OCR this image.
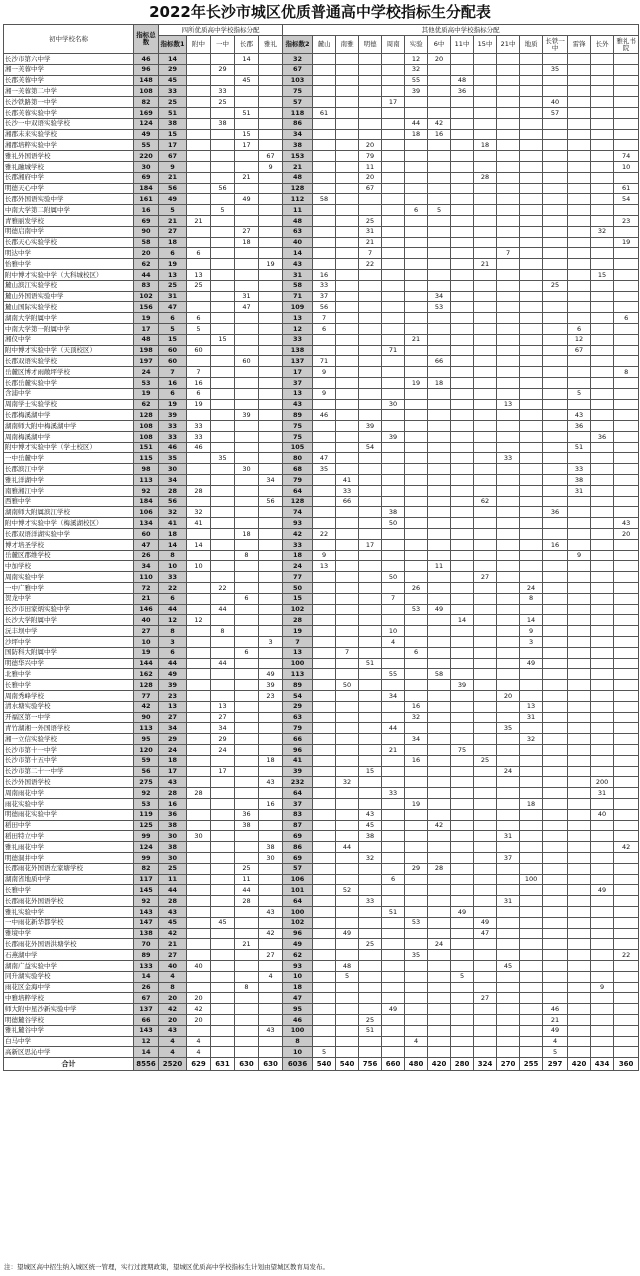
2022年长沙市城区优质普通高中学校指标生分配表
初中学校名称	指标总数	四所优质高中学校指标分配					其他优质高中学校指标分配														
		指标数1	附中	一中	长郡	雅礼	指标数2	麓山	南雅	明德	周南	实验	6中	11中	15中	21中	地质	长铁一中	雷锋	长外	雅礼书院
长沙市第六中学	46	14			14		32					12	20								
湘一芙蓉中学	96	29		29			67					32						35			
长郡芙蓉中学	148	45			45		103					55		48							
湘一芙蓉第二中学	108	33		33			75					39		36							
长沙铁路第一中学	82	25		25			57				17							40			
长郡芙蓉实验中学	169	51			51		118	61										57			
长沙一中双语实验学校	124	38		38			86					44	42								
湘郡未来实验学校	49	15			15		34					18	16								
湘郡培粹实验中学	55	17			17		38			20					18						
雅礼外国语学校	220	67				67	153			79											74
雅礼融城学校	30	9				9	21			11											10
长郡湘府中学	69	21			21		48			20					28						
明德天心中学	184	56		56			128			67											61
长郡外国语实验中学	161	49			49		112	58													54
中南大学第二附属中学	16	5		5			11					6	5								
青雅丽发学校	69	21	21				48			25											23
明德启南中学	90	27			27		63			31										32	
长郡天心实验学校	58	18			18		40			21											19
明达中学	20	6	6				14			7						7					
怡雅中学	62	19				19	43			22					21						
附中博才实验中学（大科城校区）	44	13	13				31	16												15	
麓山滨江实验学校	83	25	25				58	33										25			
麓山外国语实验中学	102	31			31		71	37					34								
麓山国际实验学校	156	47			47		109	56					53								
湖南大学附属中学	19	6	6				13	7													6
中南大学第一附属中学	17	5	5				12	6											6		
湘仪中学	48	15		15			33					21							12		
附中博才实验中学（天顶校区）	198	60	60				138				71								67		
长郡双语实验学校	197	60			60		137	71					66								
岳麓区博才雨敞坪学校	24	7	7				17	9													8
长郡岳麓实验中学	53	16	16				37					19	18								
含浦中学	19	6	6				13	9											5		
周南学士实验学校	62	19	19				43				30					13					
长郡梅溪湖中学	128	39			39		89	46											43		
湖南师大附中梅溪湖中学	108	33	33				75			39									36		
周南梅溪湖中学	108	33	33				75				39									36	
附中博才实验中学（学士校区）	151	46	46				105			54									51		
一中岳麓中学	115	35		35			80	47								33					
长郡滨江中学	98	30			30		68	35											33		
雅礼洋湖中学	113	34				34	79		41										38		
南雅湘江中学	92	28	28				64		33										31		
西雅中学	184	56				56	128		66						62						
湖南师大附属滨江学校	106	32	32				74				38							36			
附中博才实验中学（梅溪湖校区）	134	41	41				93				50										43
长郡双语洋湖实验中学	60	18			18		42	22													20
博才培圣学校	47	14	14				33			17								16			
岳麓区郡维学校	26	8			8		18	9											9		
中加学校	34	10	10				24	13					11								
周南实验中学	110	33					77				50				27						
一中广雅中学	72	22		22			50					26					24				
贺龙中学	21	6			6		15				7						8				
长沙市田家炳实验中学	146	44		44			102					53	49								
长沙大学附属中学	40	12	12				28							14			14				
沅丰坝中学	27	8		8			19				10						9				
沙坪中学	10	3				3	7				4						3				
国防科大附属中学	19	6			6		13		7			6									
明德华兴中学	144	44		44			100			51							49				
北雅中学	162	49				49	113				55		58								
长雅中学	128	39				39	89		50					39							
周南秀峰学校	77	23				23	54				34					20					
清水塘实验学校	42	13		13			29					16					13				
开福区第一中学	90	27		27			63					32					31				
青竹湖湘一外国语学校	113	34		34			79				44					35					
湘一立信实验学校	95	29		29			66					34					32				
长沙市第十一中学	120	24		24			96				21			75							
长沙市第十五中学	59	18				18	41					16			25						
长沙市第二十一中学	56	17		17			39			15						24					
长沙外国语学校	275	43				43	232		32											200	
周南雨花中学	92	28	28				64				33									31	
雨花实验中学	53	16				16	37					19					18				
明德雨花实验中学	119	36			36		83			43										40	
稻田中学	125	38			38		87			45			42								
稻田特立中学	99	30	30				69			38						31					
雅礼雨花中学	124	38				38	86		44												42
明德洞井中学	99	30				30	69			32						37					
长郡雨花外国语左家塘学校	82	25			25		57					29	28								
湖南省地质中学	117	11			11		106				6						100				
长雅中学	145	44			44		101		52											49	
长郡雨花外国语学校	92	28			28		64			33						31					
雅礼实验中学	143	43				43	100				51			49							
一中雨花新华都学校	147	45		45			102					53			49						
雅境中学	138	42				42	96		49						47						
长郡雨花外国语洪塘学校	70	21			21		49			25			24								
石燕湖中学	89	27				27	62					35									22
湖南广益实验中学	133	40	40				93		48							45					
同升湖实验学校	14	4				4	10		5					5							
雨花区金海中学	26	8			8		18													9	
中雅培粹学校	67	20	20				47								27						
师大附中星沙新实验中学	137	42	42				95				49							46			
明德麓谷学校	66	20	20				46			25								21			
雅礼麓谷中学	143	43				43	100			51								49			
白马中学	12	4	4				8					4						4			
高新区思沁中学	14	4	4				10	5										5			
合计	8556	2520	629	631	630	630	6036	540	540	756	660	480	420	280	324	270	255	297	420	434	360
注：望城区高中招生纳入城区统一管理，实行过渡期政策，望城区优质高中学校指标生计划由望城区教育局发布。
